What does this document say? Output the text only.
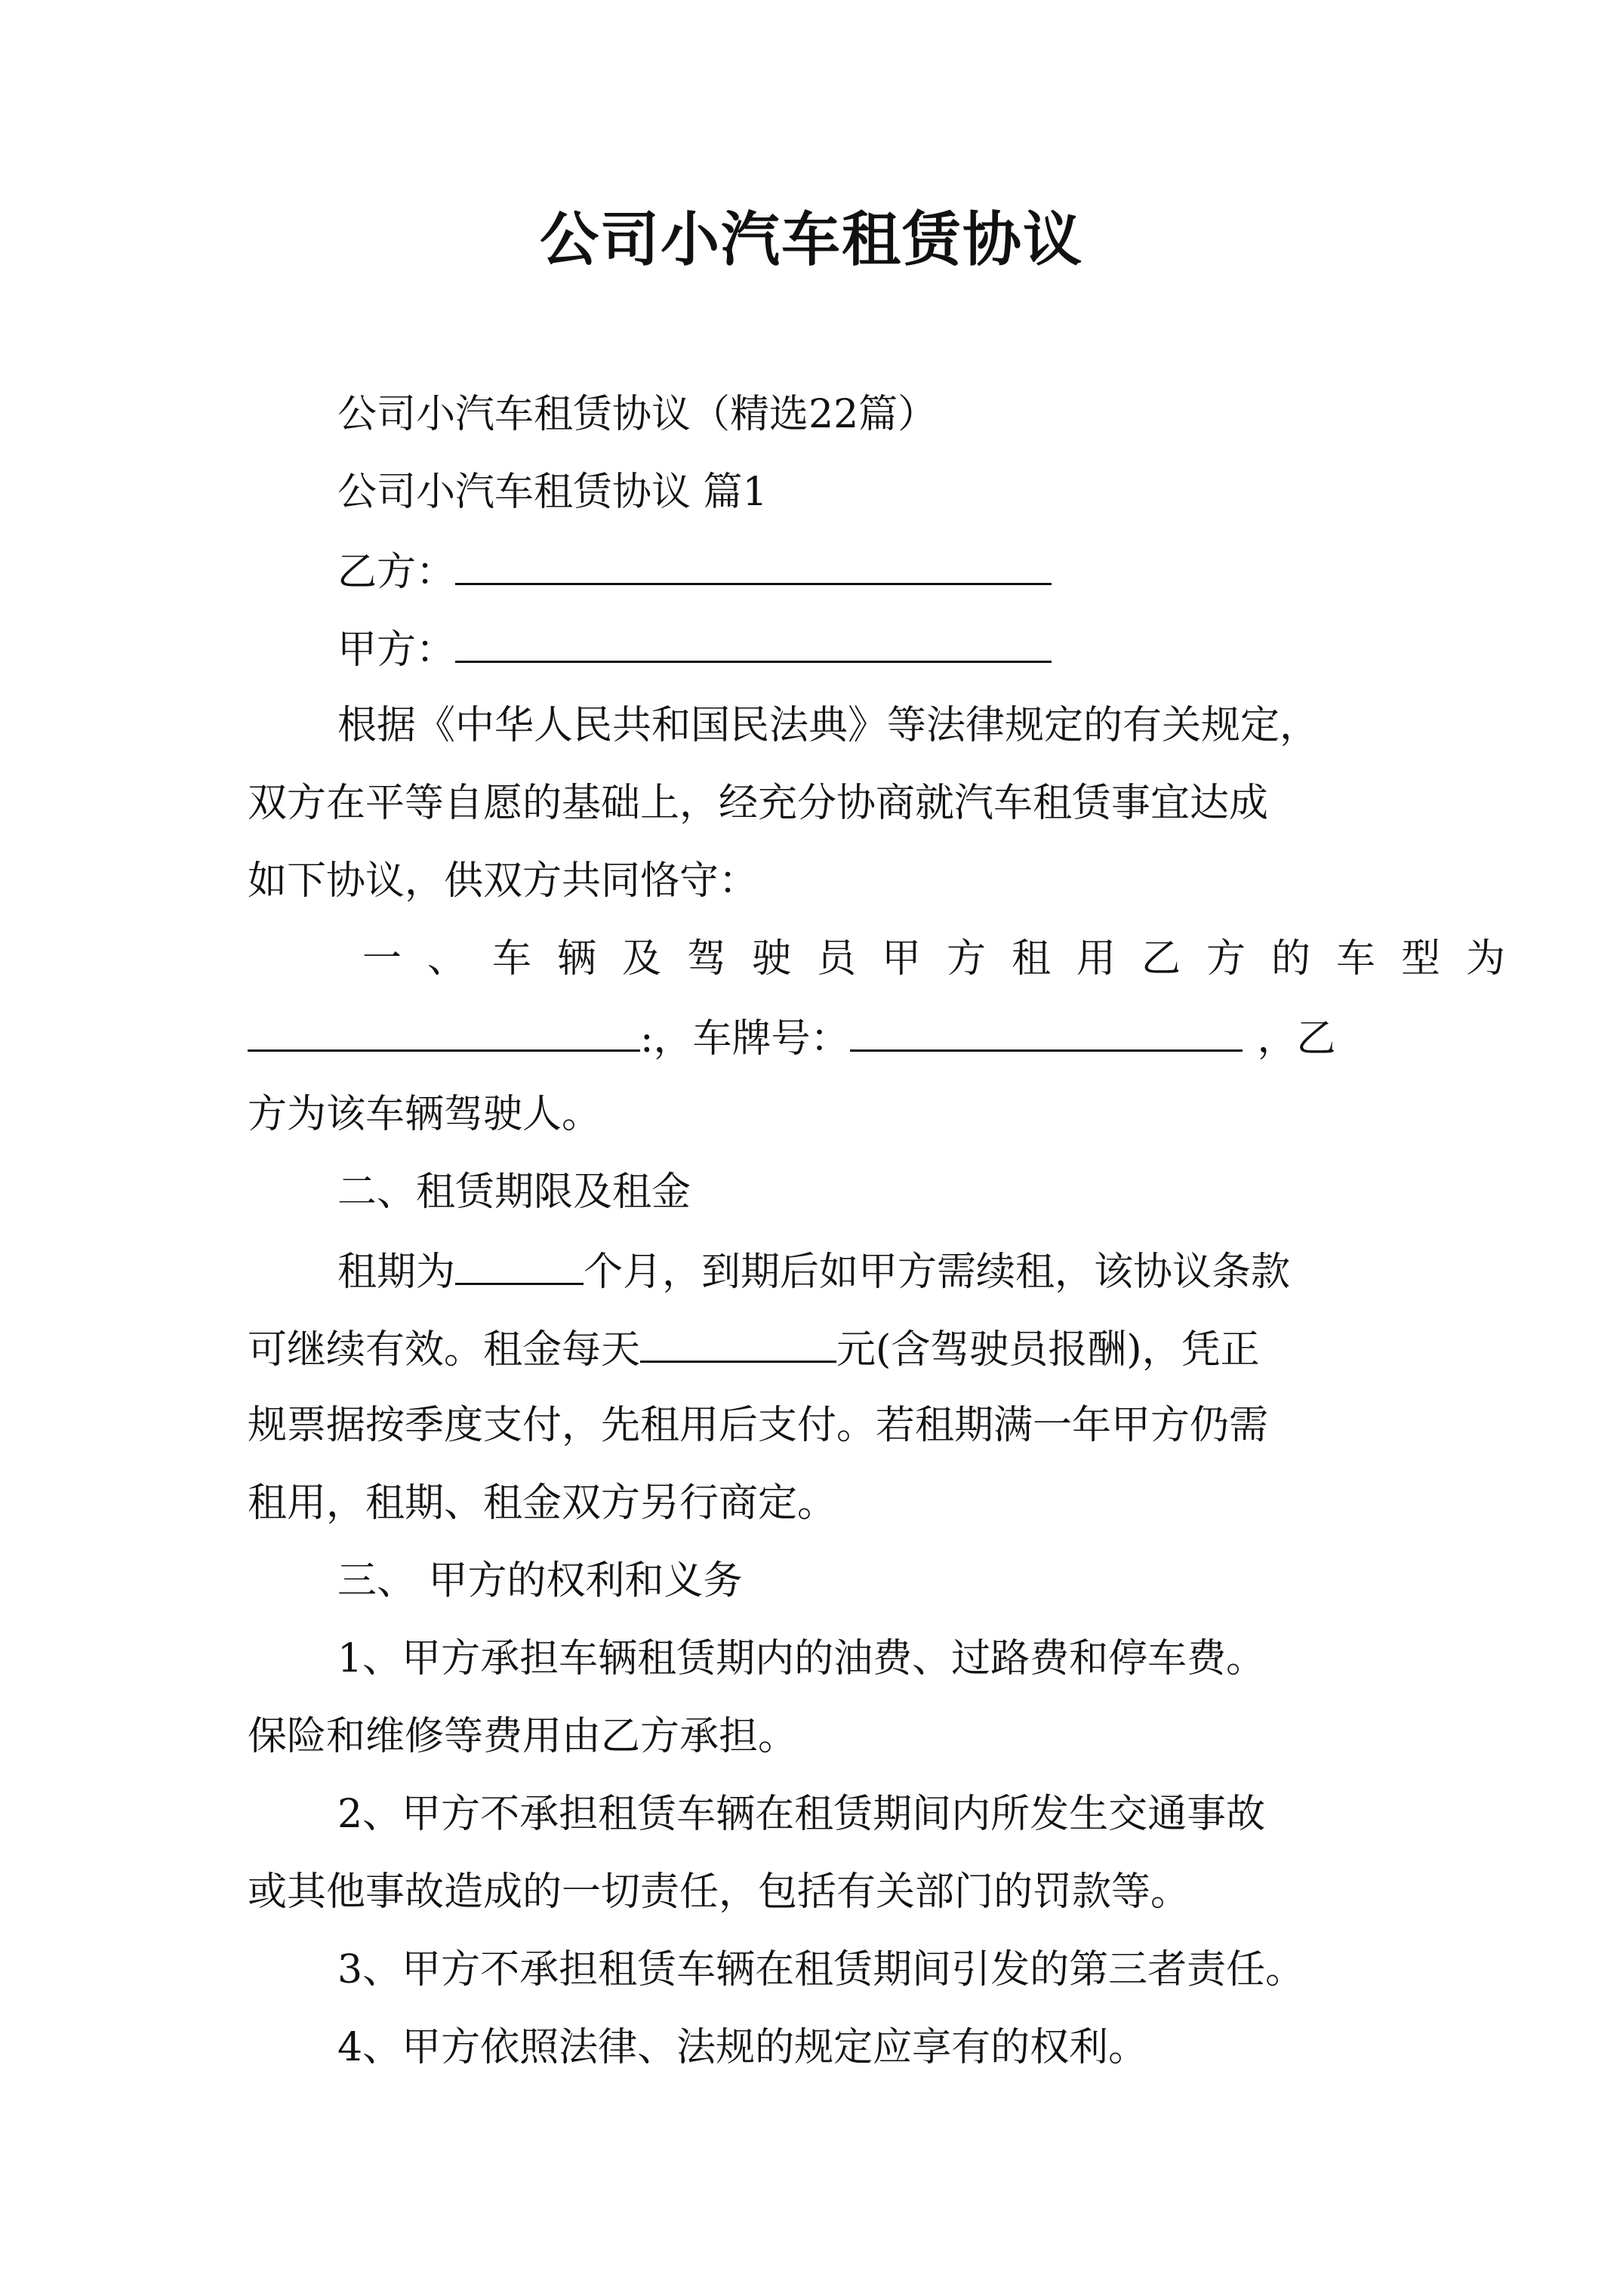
公司小汽车租赁协议
公司小汽车租赁协议（精选22篇）
公司小汽车租赁协议 篇1
乙方：
甲方：
根据《中华人民共和国民法典》等法律规定的有关规定，
双方在平等自愿的基础上，经充分协商就汽车租赁事宜达成
如下协议，供双方共同恪守：
一、车辆及驾驶员甲方租用乙方的车型为
:，车牌号：	，乙
方为该车辆驾驶人。
二、租赁期限及租金
租期为	个月，到期后如甲方需续租，该协议条款
可继续有效。租金每天	元(含驾驶员报酬)，凭正
规票据按季度支付，先租用后支付。若租期满一年甲方仍需
租用，租期、租金双方另行商定。
三、 甲方的权利和义务
1、甲方承担车辆租赁期内的油费、过路费和停车费。
保险和维修等费用由乙方承担。
2、甲方不承担租赁车辆在租赁期间内所发生交通事故
或其他事故造成的一切责任，包括有关部门的罚款等。
3、甲方不承担租赁车辆在租赁期间引发的第三者责任。
4、甲方依照法律、法规的规定应享有的权利。
